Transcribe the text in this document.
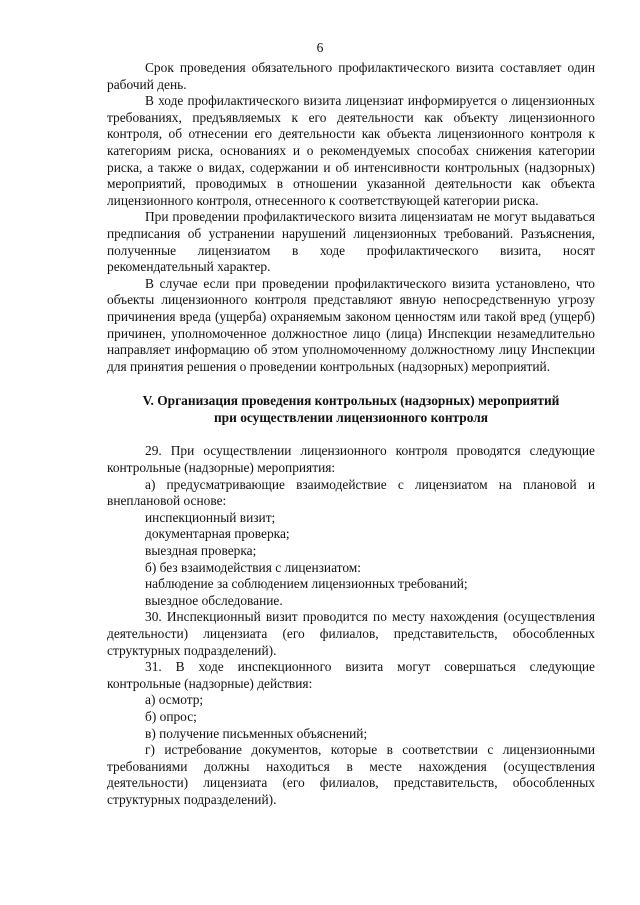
6

Срок проведения обязательного профилактического визита составляет один рабочий день.

В ходе профилактического визита лицензиат информируется о лицензионных требованиях, предъявляемых к его деятельности как объекту лицензионного контроля, об отнесении его деятельности как объекта лицензионного контроля к категориям риска, основаниях и о рекомендуемых способах снижения категории риска, а также о видах, содержании и об интенсивности контрольных (надзорных) мероприятий, проводимых в отношении указанной деятельности как объекта лицензионного контроля, отнесенного к соответствующей категории риска.

При проведении профилактического визита лицензиатам не могут выдаваться предписания об устранении нарушений лицензионных требований. Разъяснения, полученные лицензиатом в ходе профилактического визита, носят рекомендательный характер.

В случае если при проведении профилактического визита установлено, что объекты лицензионного контроля представляют явную непосредственную угрозу причинения вреда (ущерба) охраняемым законом ценностям или такой вред (ущерб) причинен, уполномоченное должностное лицо (лица) Инспекции незамедлительно направляет информацию об этом уполномоченному должностному лицу Инспекции для принятия решения о проведении контрольных (надзорных) мероприятий.

V. Организация проведения контрольных (надзорных) мероприятий
при осуществлении лицензионного контроля

29. При осуществлении лицензионного контроля проводятся следующие контрольные (надзорные) мероприятия:

а) предусматривающие взаимодействие с лицензиатом на плановой и внеплановой основе:

инспекционный визит;

документарная проверка;

выездная проверка;

б) без взаимодействия с лицензиатом:

наблюдение за соблюдением лицензионных требований;

выездное обследование.

30. Инспекционный визит проводится по месту нахождения (осуществления деятельности) лицензиата (его филиалов, представительств, обособленных структурных подразделений).

31. В ходе инспекционного визита могут совершаться следующие контрольные (надзорные) действия:

а) осмотр;

б) опрос;

в) получение письменных объяснений;

г) истребование документов, которые в соответствии с лицензионными требованиями должны находиться в месте нахождения (осуществления деятельности) лицензиата (его филиалов, представительств, обособленных структурных подразделений).
